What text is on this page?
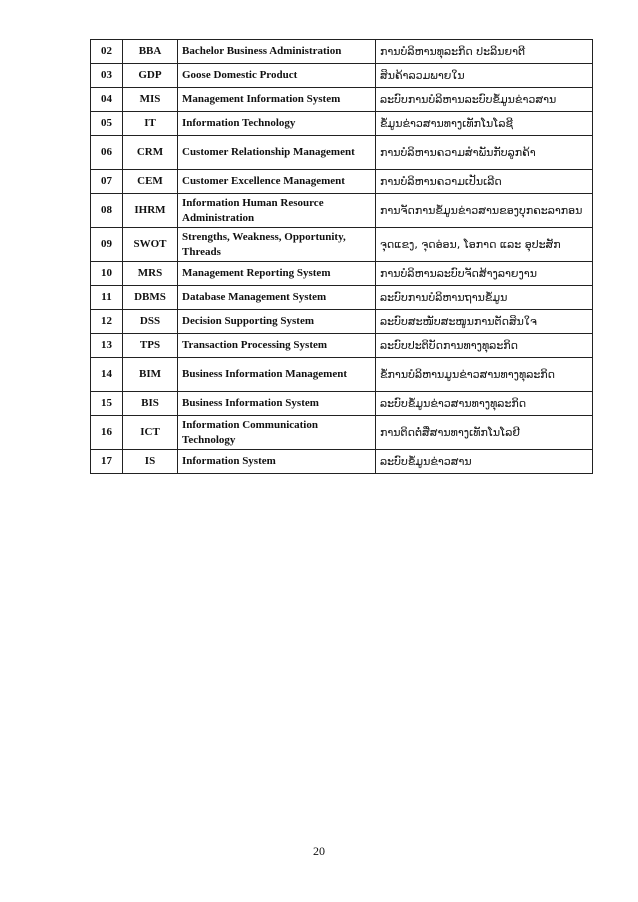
02	BBA	Bachelor Business Administration	ການບໍລິຫານທຸລະກິດ ປະລິນຍາຕີ
03	GDP	Goose Domestic Product	ສິນຄ້າລວມພາຍໃນ
04	MIS	Management Information System	ລະບົບການບໍລິຫານລະບົບຂໍ້ມູນຂ່າວສານ
05	IT	Information Technology	ຂໍ້ມູນຂ່າວສານທາງເທັກໂນໂລຊີ
06	CRM	Customer Relationship Management	ການບໍລິຫານຄວາມສໍາພັນກັບລູກຄ້າ
07	CEM	Customer Excellence Management	ການບໍລິຫານຄວາມເປັນເລີດ
08	IHRM	Information Human Resource Administration	ການຈັດການຂໍ້ມູນຂ່າວສານຂອງບຸກຄະລາກອນ
09	SWOT	Strengths, Weakness, Opportunity, Threads	ຈຸດແຂງ, ຈຸດອ່ອນ, ໂອກາດ ແລະ ອຸປະສັກ
10	MRS	Management Reporting System	ການບໍລິຫານລະບົບຈັດສ້າງລາຍງານ
11	DBMS	Database Management System	ລະບົບການບໍລິຫານຖານຂໍ້ມູນ
12	DSS	Decision Supporting System	ລະບົບສະໜັບສະໜູນການຕັດສິນໃຈ
13	TPS	Transaction Processing System	ລະບົບປະຕິບັດການທາງທຸລະກິດ
14	BIM	Business Information Management	ຂໍ້ການບໍລິຫານມູນຂ່າວສານທາງທຸລະກິດ
15	BIS	Business Information System	ລະບົບຂໍ້ມູນຂ່າວສານທາງທຸລະກິດ
16	ICT	Information Communication Technology	ການຕິດຕໍ່ສື່ສານທາງເທັກໂນໂລຢີ
17	IS	Information System	ລະບົບຂໍ້ມູນຂ່າວສານ
20
